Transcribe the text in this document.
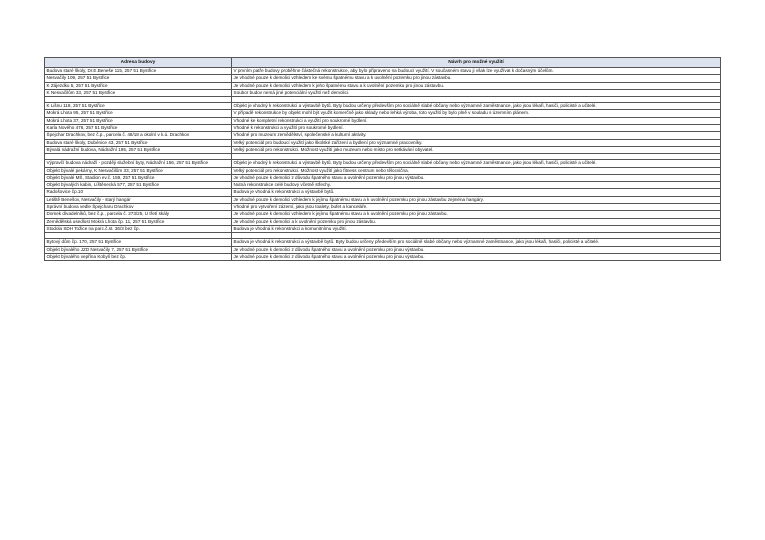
Adresa budovy	Návrh pro možné využití
Budova staré školy, Dr.E.Beneše 115, 257 51 Bystřice	V prvním patře budovy proběhne částečná rekonstrukce, aby bylo připraveno na budoucí využití. V současném stavu ji však lze využívat k dočasným účelům.
Nesvačily 109, 257 51 Bystřice	Je vhodné pouze k demolici vzhledem ke svému špatnému stavu a k uvolnění pozemku pro jinou zástavbu.
K Zájezdku 5, 257 51 Bystřice	Je vhodné pouze k demolici vzhledem k jeho špatnému stavu a k uvolnění pozemku pro jinou zástavbu.
K Nesvačilům 33, 257 51 Bystřice	Soubor budov nemá jiné potenciální využití než demolici.

K Lišnu 118, 257 51 Bystřice	Objekt je vhodný k rekonstrukci a výstavbě bytů. Byty budou určeny především pro sociálně slabé občany nebo významné zaměstnance, jako jsou lékaři, hasiči, policisté a učitelé.
Mokrá Lhota 95, 257 51 Bystřice	V případě rekonstrukce by objekt mohl být využit komerčně jako sklady nebo lehká výroba, toto využití by bylo plně v souladu s územním plánem.
Mokrá Lhota 37, 257 51 Bystřice	Vhodné ke kompletní rekonstrukci a využití pro soukromé bydlení.
Karla Nového 476, 257 51 Bystřice	Vhodné k rekonstrukci a využití pro soukromé bydlení.
Špejchar Drachkov, bez č.p., parcela č. 48/18 a okolní v k.ú. Drachkov	Vhodné pro muzeum zemědělství, společenské a kulturní aktivity.
Budova staré školy, Dubénice 43, 257 51 Bystřice	Velký potenciál pro budoucí využití jako školské zařízení a bydlení pro významné pracovníky.
Bývalá nádražní budova, Nádražní 195, 257 51 Bystřice	Velký potenciál pro rekonstrukci. Možnost využití jako muzeum nebo místo pro setkávání obyvatel.

Výpravčí budova nádraží - později služební byty, Nádražní 156, 257 51 Bystřice	Objekt je vhodný k rekonstrukci a výstavbě bytů. Byty budou určeny především pro sociálně slabé občany nebo významné zaměstnance, jako jsou lékaři, hasiči, policisté a učitelé.
Objekt bývalé pekárny, K Nesvačilům 33, 257 51 Bystřice	Velký potenciál pro rekonstrukci. Možnost využití jako fitness centrum nebo tělocvična.
Objekt bývalé MŠ, Stadion ev.č. 159, 257 51 Bystřice	Je vhodné pouze k demolici z důvodu špatného stavu a uvolnění pozemku pro jinou výstavbu.
Objekt bývalých kabin, Líštěnecká 577, 257 51 Bystřice	Nutná rekonstrukce celé budovy včetně střechy.
Radošovice čp.10	Budova je vhodná k rekonstrukci a výstavbě bytů.
Letiště Benešov, Nesvačily - starý hangár	Je vhodné pouze k demolici vzhledem k jejímu špatnému stavu a k uvolnění pozemku pro jinou zástavbu zejména hangáry.
Správní budova vedle Špejcharu Drachkov	Vhodné pro vytvoření zázemí, jako jsou toalety, bufet a kanceláře.
Domek dívadelníků, bez č.p., parcela č. 273/25, U třetí skály	Je vhodné pouze k demolici vzhledem k jejímu špatnému stavu a k uvolnění pozemku pro jinou zástavbu.
Zemědělská usedlost Mokrá Lhota čp. 11, 257 51 Bystřice	Je vhodné pouze k demolici a k uvolnění pozemku pro jinou zástavbu.
Stodola SDH Tožice na parc.č.st. 36/3 bez čp.	Budova je vhodná k rekonstrukci a komunitnímu využití.

Bytový dům čp. 170, 257 51 Bystřice	Budova je vhodná k rekonstrukci a výstavbě bytů. Byty budou určeny především pro sociálně slabé občany nebo významné zaměstnance, jako jsou lékaři, hasiči, policisté a učitelé.
Objekt bývalého JZD Nesvačily 7, 257 51 Bystřice	Je vhodné pouze k demolici z důvodu špatného stavu a uvolnění pozemku pro jinou výstavbu.
Objekt bývalého vepřína Kobylí bez čp.	Je vhodné pouze k demolici z důvodu špatného stavu a uvolnění pozemku pro jinou výstavbu.
